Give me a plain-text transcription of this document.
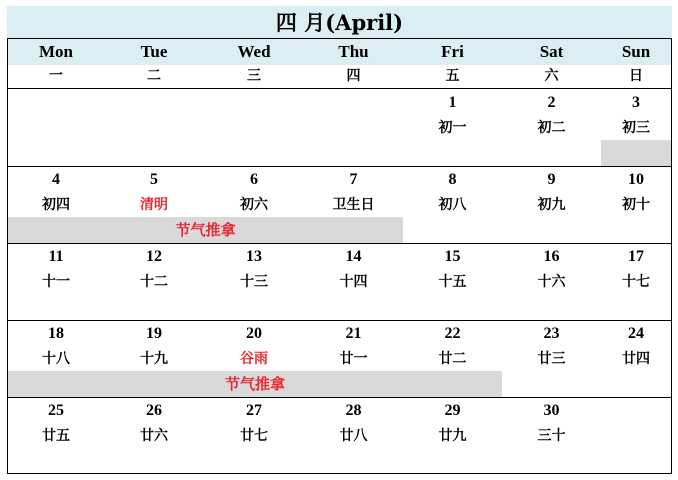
四 月(April)
Mon
一
Tue
二
Wed
三
Thu
四
Fri
五
Sat
六
Sun
日
1
初一
2
初二
3
初三
节气推拿
4
初四
5
清明
6
初六
7
卫生日
8
初八
9
初九
10
初十
11
十一
12
十二
13
十三
14
十四
15
十五
16
十六
17
十七
节气推拿
18
十八
19
十九
20
谷雨
21
廿一
22
廿二
23
廿三
24
廿四
25
廿五
26
廿六
27
廿七
28
廿八
29
廿九
30
三十
